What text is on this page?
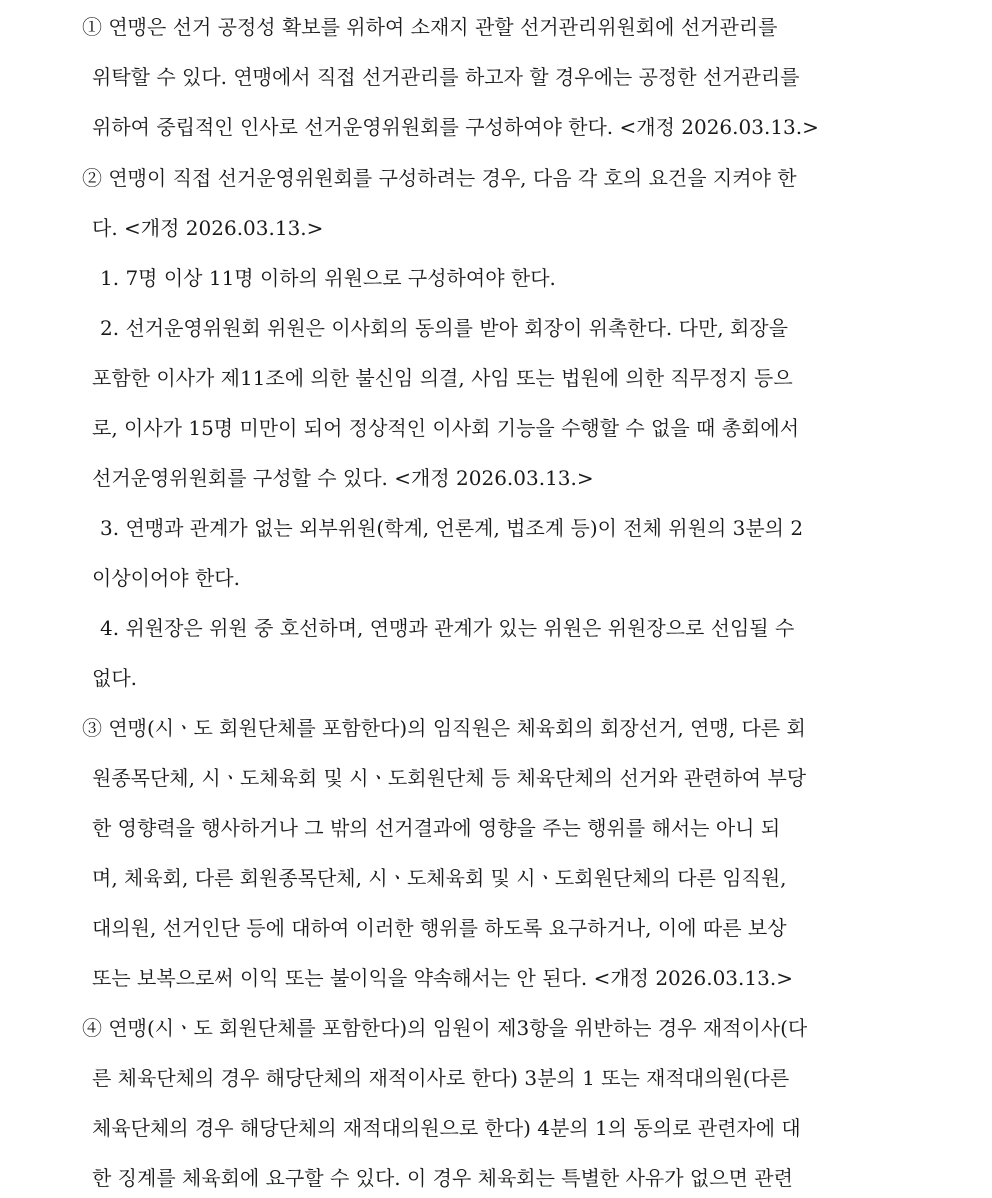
① 연맹은 선거 공정성 확보를 위하여 소재지 관할 선거관리위원회에 선거관리를
위탁할 수 있다. 연맹에서 직접 선거관리를 하고자 할 경우에는 공정한 선거관리를
위하여 중립적인 인사로 선거운영위원회를 구성하여야 한다. <개정 2026.03.13.>
② 연맹이 직접 선거운영위원회를 구성하려는 경우, 다음 각 호의 요건을 지켜야 한
다. <개정 2026.03.13.>
1. 7명 이상 11명 이하의 위원으로 구성하여야 한다.
2. 선거운영위원회 위원은 이사회의 동의를 받아 회장이 위촉한다. 다만, 회장을
포함한 이사가 제11조에 의한 불신임 의결, 사임 또는 법원에 의한 직무정지 등으
로, 이사가 15명 미만이 되어 정상적인 이사회 기능을 수행할 수 없을 때 총회에서
선거운영위원회를 구성할 수 있다. <개정 2026.03.13.>
3. 연맹과 관계가 없는 외부위원(학계, 언론계, 법조계 등)이 전체 위원의 3분의 2
이상이어야 한다.
4. 위원장은 위원 중 호선하며, 연맹과 관계가 있는 위원은 위원장으로 선임될 수
없다.
③ 연맹(시ㆍ도 회원단체를 포함한다)의 임직원은 체육회의 회장선거, 연맹, 다른 회
원종목단체, 시ㆍ도체육회 및 시ㆍ도회원단체 등 체육단체의 선거와 관련하여 부당
한 영향력을 행사하거나 그 밖의 선거결과에 영향을 주는 행위를 해서는 아니 되
며, 체육회, 다른 회원종목단체, 시ㆍ도체육회 및 시ㆍ도회원단체의 다른 임직원,
대의원, 선거인단 등에 대하여 이러한 행위를 하도록 요구하거나, 이에 따른 보상
또는 보복으로써 이익 또는 불이익을 약속해서는 안 된다. <개정 2026.03.13.>
④ 연맹(시ㆍ도 회원단체를 포함한다)의 임원이 제3항을 위반하는 경우 재적이사(다
른 체육단체의 경우 해당단체의 재적이사로 한다) 3분의 1 또는 재적대의원(다른
체육단체의 경우 해당단체의 재적대의원으로 한다) 4분의 1의 동의로 관련자에 대
한 징계를 체육회에 요구할 수 있다. 이 경우 체육회는 특별한 사유가 없으면 관련
